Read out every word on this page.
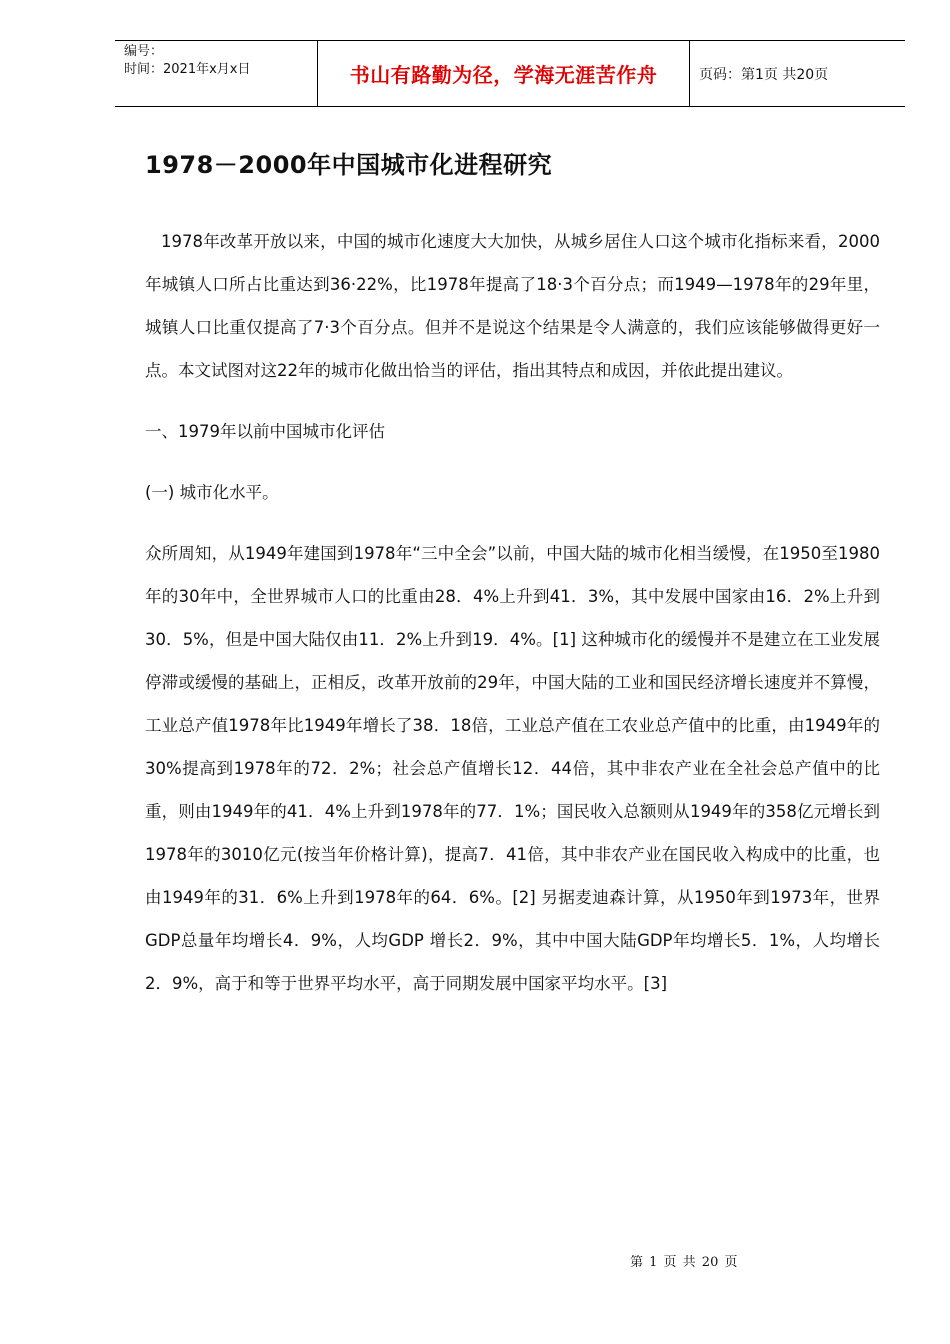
编号：
时间：2021年x月x日	书山有路勤为径，学海无涯苦作舟	页码：第1页 共20页
1978－2000年中国城市化进程研究

1978年改革开放以来，中国的城市化速度大大加快，从城乡居住人口这个城市化指标来看，2000年城镇人口所占比重达到36·22%，比1978年提高了18·3个百分点；而1949—1978年的29年里，城镇人口比重仅提高了7·3个百分点。但并不是说这个结果是令人满意的，我们应该能够做得更好一点。本文试图对这22年的城市化做出恰当的评估，指出其特点和成因，并依此提出建议。

一、1979年以前中国城市化评估

(一) 城市化水平。

众所周知，从1949年建国到1978年“三中全会”以前，中国大陆的城市化相当缓慢，在1950至1980年的30年中，全世界城市人口的比重由28．4%上升到41．3%，其中发展中国家由16．2%上升到30．5%，但是中国大陆仅由11．2%上升到19．4%。[1] 这种城市化的缓慢并不是建立在工业发展停滞或缓慢的基础上，正相反，改革开放前的29年，中国大陆的工业和国民经济增长速度并不算慢，工业总产值1978年比1949年增长了38．18倍，工业总产值在工农业总产值中的比重，由1949年的30%提高到1978年的72．2%；社会总产值增长12．44倍，其中非农产业在全社会总产值中的比重，则由1949年的41．4%上升到1978年的77．1%；国民收入总额则从1949年的358亿元增长到1978年的3010亿元(按当年价格计算)，提高7．41倍，其中非农产业在国民收入构成中的比重，也由1949年的31．6%上升到1978年的64．6%。[2] 另据麦迪森计算，从1950年到1973年，世界GDP总量年均增长4．9%，人均GDP 增长2．9%，其中中国大陆GDP年均增长5．1%，人均增长2．9%，高于和等于世界平均水平，高于同期发展中国家平均水平。[3]

第 1 页 共 20 页
